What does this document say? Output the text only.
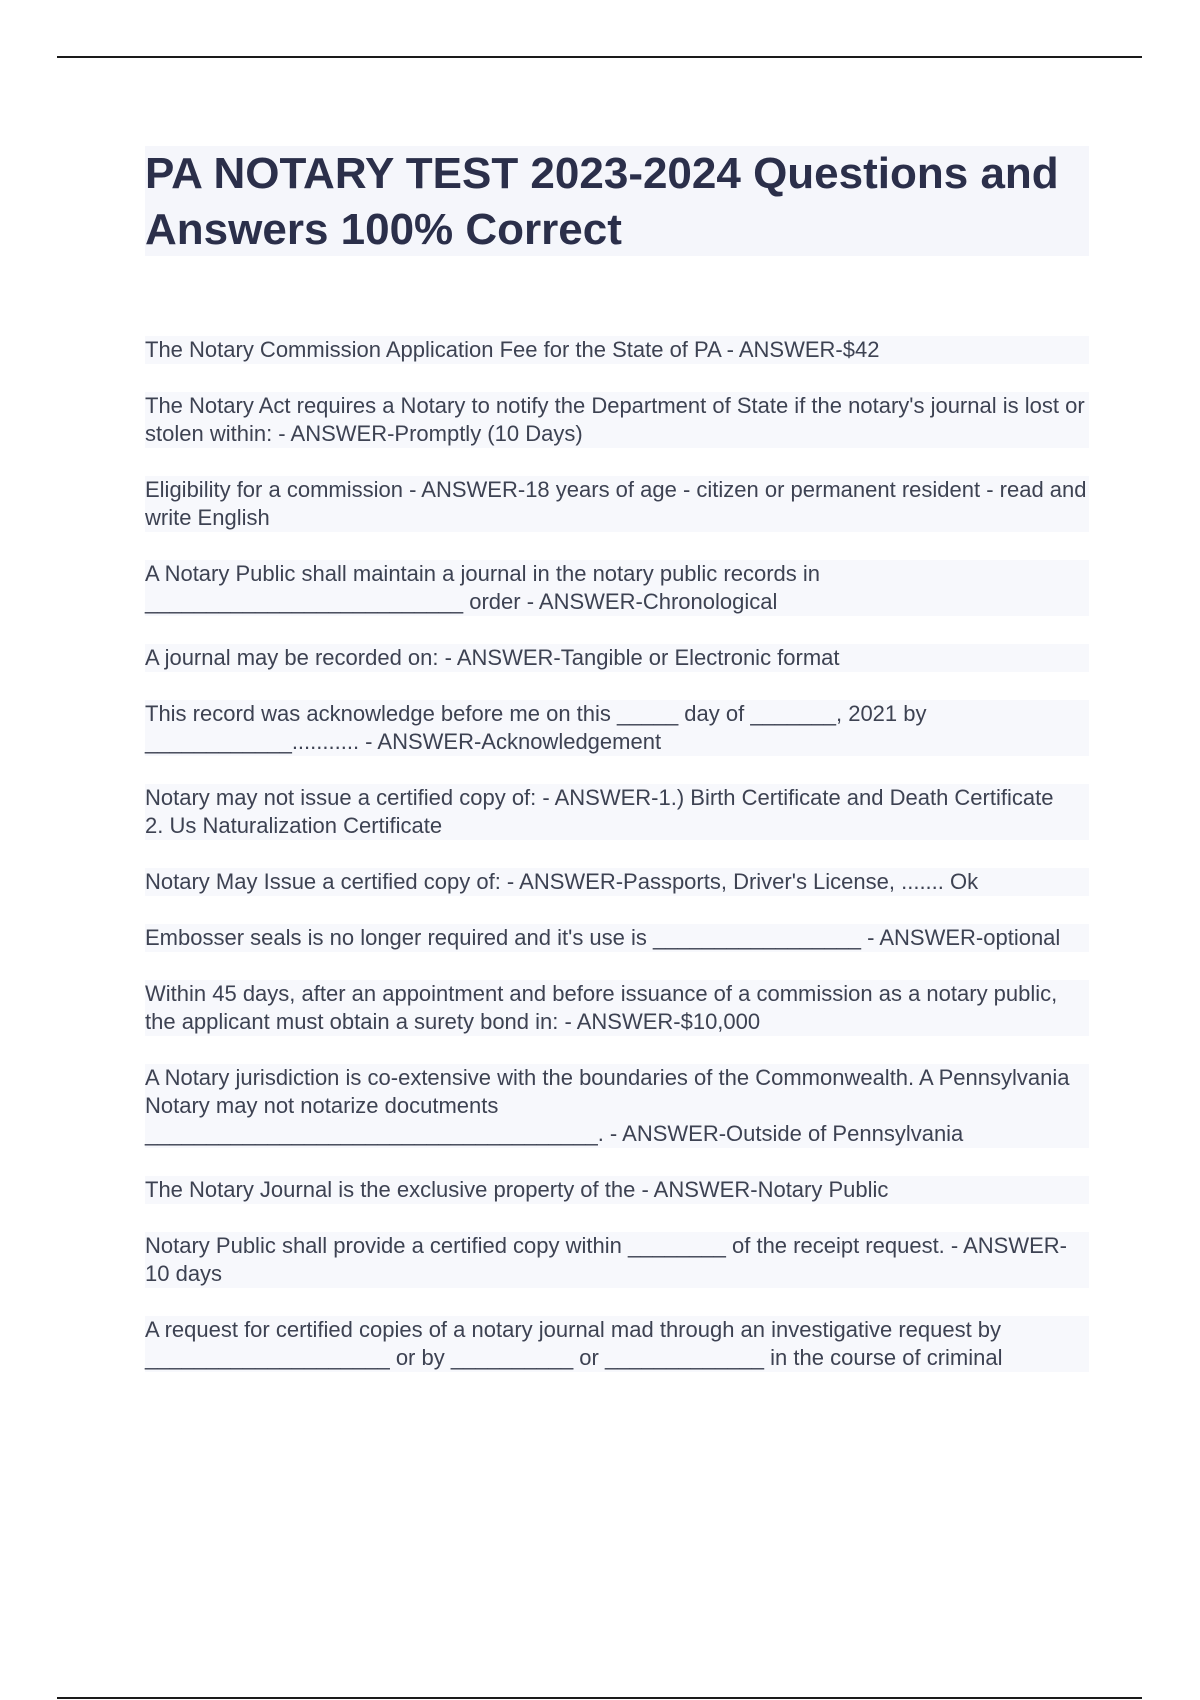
PA NOTARY TEST 2023-2024 Questions and Answers 100% Correct

The Notary Commission Application Fee for the State of PA - ANSWER-$42

The Notary Act requires a Notary to notify the Department of State if the notary's journal is lost or stolen within: - ANSWER-Promptly (10 Days)

Eligibility for a commission - ANSWER-18 years of age - citizen or permanent resident - read and write English

A Notary Public shall maintain a journal in the notary public records in
__________________________ order - ANSWER-Chronological

A journal may be recorded on: - ANSWER-Tangible or Electronic format

This record was acknowledge before me on this _____ day of _______, 2021 by
____________........... - ANSWER-Acknowledgement

Notary may not issue a certified copy of: - ANSWER-1.) Birth Certificate and Death Certificate
2. Us Naturalization Certificate

Notary May Issue a certified copy of: - ANSWER-Passports, Driver's License, ....... Ok

Embosser seals is no longer required and it's use is _________________ - ANSWER-optional

Within 45 days, after an appointment and before issuance of a commission as a notary public, the applicant must obtain a surety bond in: - ANSWER-$10,000

A Notary jurisdiction is co-extensive with the boundaries of the Commonwealth. A Pennsylvania Notary may not notarize docutments
_____________________________________. - ANSWER-Outside of Pennsylvania

The Notary Journal is the exclusive property of the - ANSWER-Notary Public

Notary Public shall provide a certified copy within ________ of the receipt request. - ANSWER-10 days

A request for certified copies of a notary journal mad through an investigative request by ____________________ or by __________ or _____________ in the course of criminal
